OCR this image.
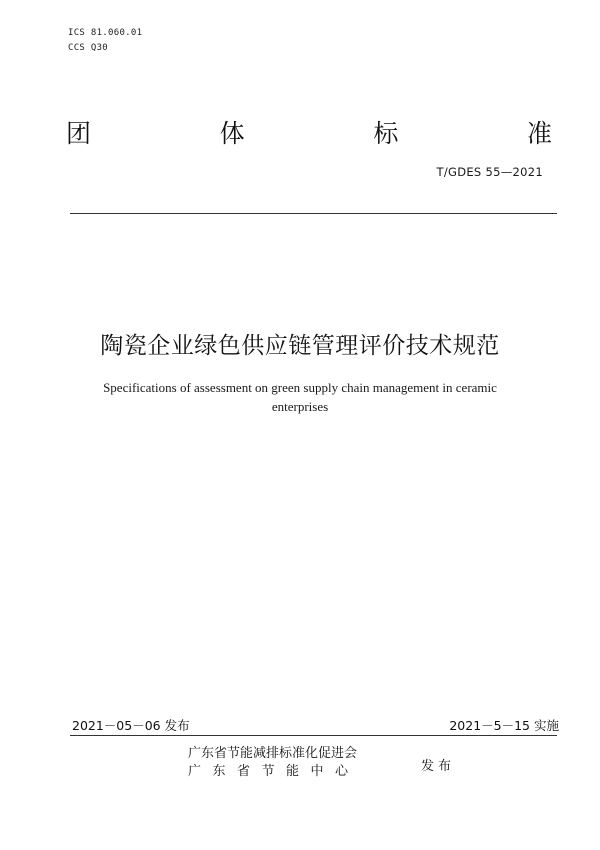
ICS 81.060.01
CCS Q30
团	体	标	准
T/GDES 55—2021
陶瓷企业绿色供应链管理评价技术规范
Specifications of assessment on green supply chain management in ceramic enterprises
2021－05－06 发布	2021－5－15 实施
广东省节能减排标准化促进会
广东省节能中心	发布
